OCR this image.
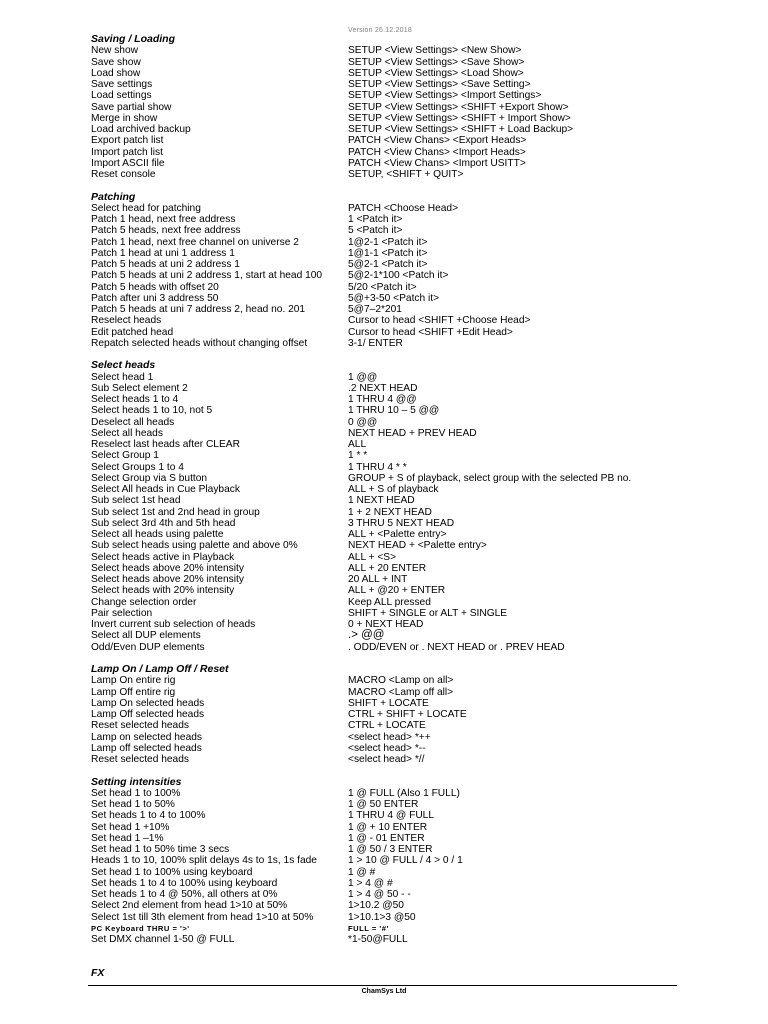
Version 26.12.2018
Saving / Loading
New show	SETUP <View Settings> <New Show>
Save show	SETUP <View Settings> <Save Show>
Load show	SETUP <View Settings> <Load Show>
Save settings	SETUP <View Settings> <Save Setting>
Load settings	SETUP <View Settings> <Import Settings>
Save partial show	SETUP <View Settings> <SHIFT +Export Show>
Merge in show	SETUP <View Settings> <SHIFT + Import Show>
Load archived backup	SETUP <View Settings> <SHIFT + Load Backup>
Export patch list	PATCH <View Chans> <Export Heads>
Import patch list	PATCH <View Chans> <Import Heads>
Import ASCII file	PATCH <View Chans> <Import USITT>
Reset console	SETUP, <SHIFT + QUIT>
Patching
Select head for patching	PATCH <Choose Head>
Patch 1 head, next free address	1 <Patch it>
Patch 5 heads, next free address	5 <Patch it>
Patch 1 head, next free channel on universe 2	1@2-1 <Patch it>
Patch 1 head at uni 1 address 1	1@1-1 <Patch it>
Patch 5 heads at uni 2 address 1	5@2-1 <Patch it>
Patch 5 heads at uni 2 address 1, start at head 100	5@2-1*100 <Patch it>
Patch 5 heads with offset 20	5/20 <Patch it>
Patch after uni 3 address 50	5@+3-50 <Patch it>
Patch 5 heads at uni 7 address 2, head no. 201	5@7–2*201
Reselect heads	Cursor to head <SHIFT +Choose Head>
Edit patched head	Cursor to head <SHIFT +Edit Head>
Repatch selected heads without changing offset	3-1/ ENTER
Select heads
Select head 1	1 @@
Sub Select element 2	.2 NEXT HEAD
Select heads 1 to 4	1 THRU 4 @@
Select heads 1 to 10, not 5	1 THRU 10 – 5 @@
Deselect all heads	0 @@
Select all heads	NEXT HEAD + PREV HEAD
Reselect last heads after CLEAR	ALL
Select Group 1	1 * *
Select Groups 1 to 4	1 THRU 4 * *
Select Group via S button	GROUP + S of playback, select group with the selected PB no.
Select All heads in Cue Playback	ALL + S of playback
Sub select 1st head	1 NEXT HEAD
Sub select 1st and 2nd head in group	1 + 2 NEXT HEAD
Sub select 3rd 4th and 5th head	3 THRU 5 NEXT HEAD
Select all heads using palette	ALL + <Palette entry>
Sub select heads using palette and above 0%	NEXT HEAD + <Palette entry>
Select heads active in Playback	ALL + <S>
Select heads above 20% intensity	ALL + 20 ENTER
Select heads above 20% intensity	20 ALL + INT
Select heads with 20% intensity	ALL + @20 + ENTER
Change selection order	Keep ALL pressed
Pair selection	SHIFT + SINGLE or ALT + SINGLE
Invert current sub selection of heads	0 + NEXT HEAD
Select all DUP elements	.> @@
Odd/Even DUP elements	. ODD/EVEN or . NEXT HEAD or . PREV HEAD
Lamp On / Lamp Off / Reset
Lamp On entire rig	MACRO <Lamp on all>
Lamp Off entire rig	MACRO <Lamp off all>
Lamp On selected heads	SHIFT + LOCATE
Lamp Off selected heads	CTRL + SHIFT + LOCATE
Reset selected heads	CTRL + LOCATE
Lamp on selected heads	<select head> *++
Lamp off selected heads	<select head> *--
Reset selected heads	<select head> *//
Setting intensities
Set head 1 to 100%	1 @ FULL (Also 1 FULL)
Set head 1 to 50%	1 @ 50 ENTER
Set heads 1 to 4 to 100%	1 THRU 4 @ FULL
Set head 1 +10%	1 @ + 10 ENTER
Set head 1 –1%	1 @ - 01 ENTER
Set head 1 to 50% time 3 secs	1 @ 50 / 3 ENTER
Heads 1 to 10, 100% split delays 4s to 1s, 1s fade	1 > 10 @ FULL / 4 > 0 / 1
Set head 1 to 100% using keyboard	1 @ #
Set heads 1 to 4 to 100% using keyboard	1 > 4 @ #
Set heads 1 to 4 @ 50%, all others at 0%	1 > 4 @ 50 - -
Select 2nd element from head 1>10 at 50%	1>10.2 @50
Select 1st till 3th element from head 1>10 at 50%	1>10.1>3 @50
PC Keyboard THRU = '>'	FULL = '#'
Set DMX channel 1-50 @ FULL	*1-50@FULL
FX
ChamSys Ltd
